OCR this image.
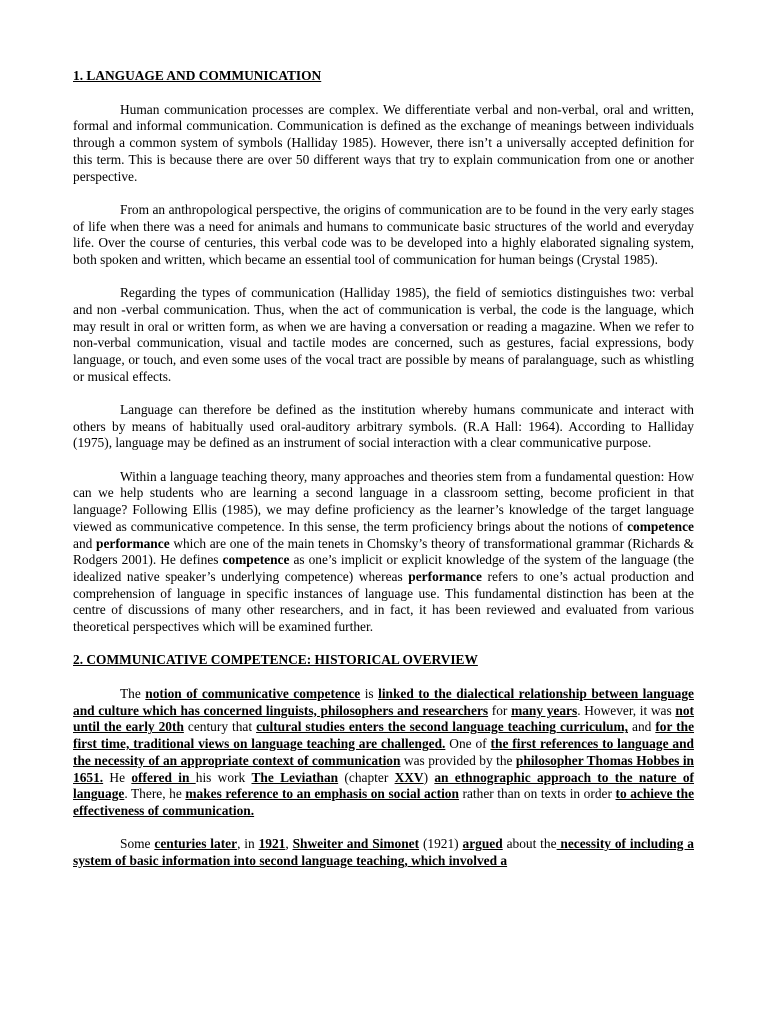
1. LANGUAGE AND COMMUNICATION

Human communication processes are complex. We differentiate verbal and non-verbal, oral and written, formal and informal communication. Communication is defined as the exchange of meanings between individuals through a common system of symbols (Halliday 1985). However, there isn’t a universally accepted definition for this term. This is because there are over 50 different ways that try to explain communication from one or another perspective.

From an anthropological perspective, the origins of communication are to be found in the very early stages of life when there was a need for animals and humans to communicate basic structures of the world and everyday life. Over the course of centuries, this verbal code was to be developed into a highly elaborated signaling system, both spoken and written, which became an essential tool of communication for human beings (Crystal 1985).

Regarding the types of communication (Halliday 1985), the field of semiotics distinguishes two: verbal and non -verbal communication. Thus, when the act of communication is verbal, the code is the language, which may result in oral or written form, as when we are having a conversation or reading a magazine. When we refer to non-verbal communication, visual and tactile modes are concerned, such as gestures, facial expressions, body language, or touch, and even some uses of the vocal tract are possible by means of paralanguage, such as whistling or musical effects.

Language can therefore be defined as the institution whereby humans communicate and interact with others by means of habitually used oral-auditory arbitrary symbols. (R.A Hall: 1964). According to Halliday (1975), language may be defined as an instrument of social interaction with a clear communicative purpose.

Within a language teaching theory, many approaches and theories stem from a fundamental question: How can we help students who are learning a second language in a classroom setting, become proficient in that language? Following Ellis (1985), we may define proficiency as the learner’s knowledge of the target language viewed as communicative competence. In this sense, the term proficiency brings about the notions of competence and performance which are one of the main tenets in Chomsky’s theory of transformational grammar (Richards & Rodgers 2001). He defines competence as one’s implicit or explicit knowledge of the system of the language (the idealized native speaker’s underlying competence) whereas performance refers to one’s actual production and comprehension of language in specific instances of language use. This fundamental distinction has been at the centre of discussions of many other researchers, and in fact, it has been reviewed and evaluated from various theoretical perspectives which will be examined further.

2. COMMUNICATIVE COMPETENCE: HISTORICAL OVERVIEW

The notion of communicative competence is linked to the dialectical relationship between language and culture which has concerned linguists, philosophers and researchers for many years. However, it was not until the early 20th century that cultural studies enters the second language teaching curriculum, and for the first time, traditional views on language teaching are challenged. One of the first references to language and the necessity of an appropriate context of communication was provided by the philosopher Thomas Hobbes in 1651. He offered in his work The Leviathan (chapter XXV) an ethnographic approach to the nature of language. There, he makes reference to an emphasis on social action rather than on texts in order to achieve the effectiveness of communication.

Some centuries later, in 1921, Shweiter and Simonet (1921) argued about the necessity of including a system of basic information into second language teaching, which involved a
